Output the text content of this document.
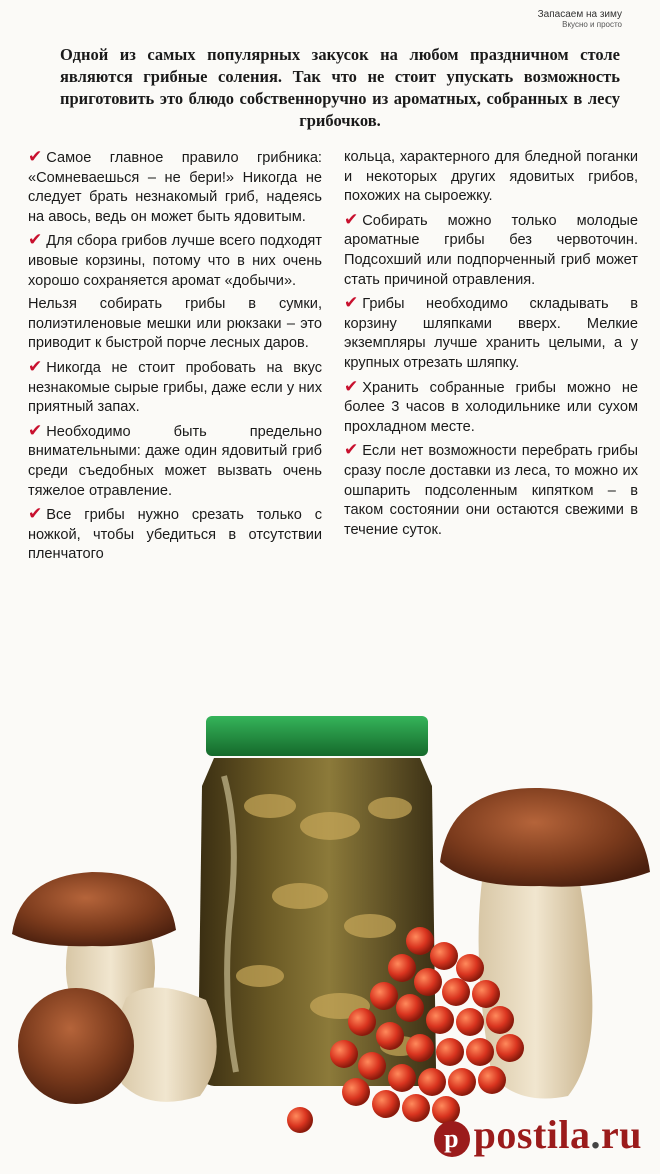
Запасаем на зиму
Вкусно и просто
Одной из самых популярных закусок на любом праздничном столе являются грибные соления. Так что не стоит упускать возможность приготовить это блюдо собственноручно из ароматных, собранных в лесу грибочков.

✔ Самое главное правило грибника: «Сомневаешься – не бери!» Никогда не следует брать незнакомый гриб, надеясь на авось, ведь он может быть ядовитым.

✔ Для сбора грибов лучше всего подходят ивовые корзины, потому что в них очень хорошо сохраняется аромат «добычи».

Нельзя собирать грибы в сумки, полиэтиленовые мешки или рюкзаки – это приводит к быстрой порче лесных даров.

✔ Никогда не стоит пробовать на вкус незнакомые сырые грибы, даже если у них приятный запах.

✔ Необходимо быть предельно внимательными: даже один ядовитый гриб среди съедобных может вызвать очень тяжелое отравление.

✔ Все грибы нужно срезать только с ножкой, чтобы убедиться в отсутствии пленчатого

кольца, характерного для бледной поганки и некоторых других ядовитых грибов, похожих на сыроежку.

✔ Собирать можно только молодые ароматные грибы без червоточин. Подсохший или подпорченный гриб может стать причиной отравления.

✔ Грибы необходимо складывать в корзину шляпками вверх. Мелкие экземпляры лучше хранить целыми, а у крупных отрезать шляпку.

✔ Хранить собранные грибы можно не более 3 часов в холодильнике или сухом прохладном месте.

✔ Если нет возможности перебрать грибы сразу после доставки из леса, то можно их ошпарить подсоленным кипятком – в таком состоянии они остаются свежими в течение суток.

p postila.ru
